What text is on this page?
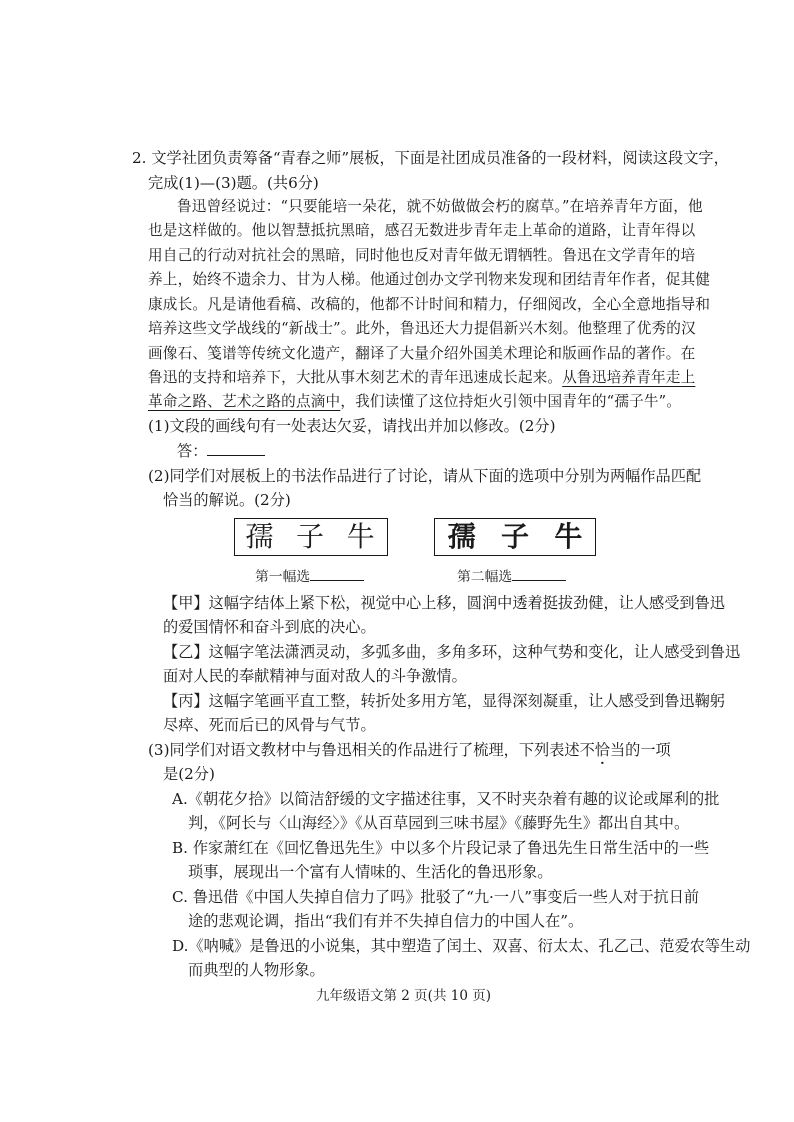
2. 文学社团负责筹备“青春之师”展板，下面是社团成员准备的一段材料，阅读这段文字，
完成(1)—(3)题。(共6分)
鲁迅曾经说过：“只要能培一朵花，就不妨做做会朽的腐草。”在培养青年方面，他
也是这样做的。他以智慧抵抗黑暗，感召无数进步青年走上革命的道路，让青年得以
用自己的行动对抗社会的黑暗，同时他也反对青年做无谓牺牲。鲁迅在文学青年的培
养上，始终不遗余力、甘为人梯。他通过创办文学刊物来发现和团结青年作者，促其健
康成长。凡是请他看稿、改稿的，他都不计时间和精力，仔细阅改，全心全意地指导和
培养这些文学战线的“新战士”。此外，鲁迅还大力提倡新兴木刻。他整理了优秀的汉
画像石、笺谱等传统文化遗产，翻译了大量介绍外国美术理论和版画作品的著作。在
鲁迅的支持和培养下，大批从事木刻艺术的青年迅速成长起来。从鲁迅培养青年走上
革命之路、艺术之路的点滴中，我们读懂了这位持炬火引领中国青年的“孺子牛”。
(1)文段的画线句有一处表达欠妥，请找出并加以修改。(2分)
答：
(2)同学们对展板上的书法作品进行了讨论，请从下面的选项中分别为两幅作品匹配
恰当的解说。(2分)
孺 子 牛	孺 子 牛
第一幅选	第二幅选
【甲】这幅字结体上紧下松，视觉中心上移，圆润中透着挺拔劲健，让人感受到鲁迅
的爱国情怀和奋斗到底的决心。
【乙】这幅字笔法潇洒灵动，多弧多曲，多角多环，这种气势和变化，让人感受到鲁迅
面对人民的奉献精神与面对敌人的斗争激情。
【丙】这幅字笔画平直工整，转折处多用方笔，显得深刻凝重，让人感受到鲁迅鞠躬
尽瘁、死而后已的风骨与气节。
(3)同学们对语文教材中与鲁迅相关的作品进行了梳理，下列表述不恰当的一项
是(2分)
A.《朝花夕拾》以简洁舒缓的文字描述往事，又不时夹杂着有趣的议论或犀利的批
判，《阿长与〈山海经〉》《从百草园到三味书屋》《藤野先生》都出自其中。
B. 作家萧红在《回忆鲁迅先生》中以多个片段记录了鲁迅先生日常生活中的一些
琐事，展现出一个富有人情味的、生活化的鲁迅形象。
C. 鲁迅借《中国人失掉自信力了吗》批驳了“九·一八”事变后一些人对于抗日前
途的悲观论调，指出“我们有并不失掉自信力的中国人在”。
D.《呐喊》是鲁迅的小说集，其中塑造了闰土、双喜、衍太太、孔乙己、范爱农等生动
而典型的人物形象。
九年级语文第 2 页(共 10 页)
